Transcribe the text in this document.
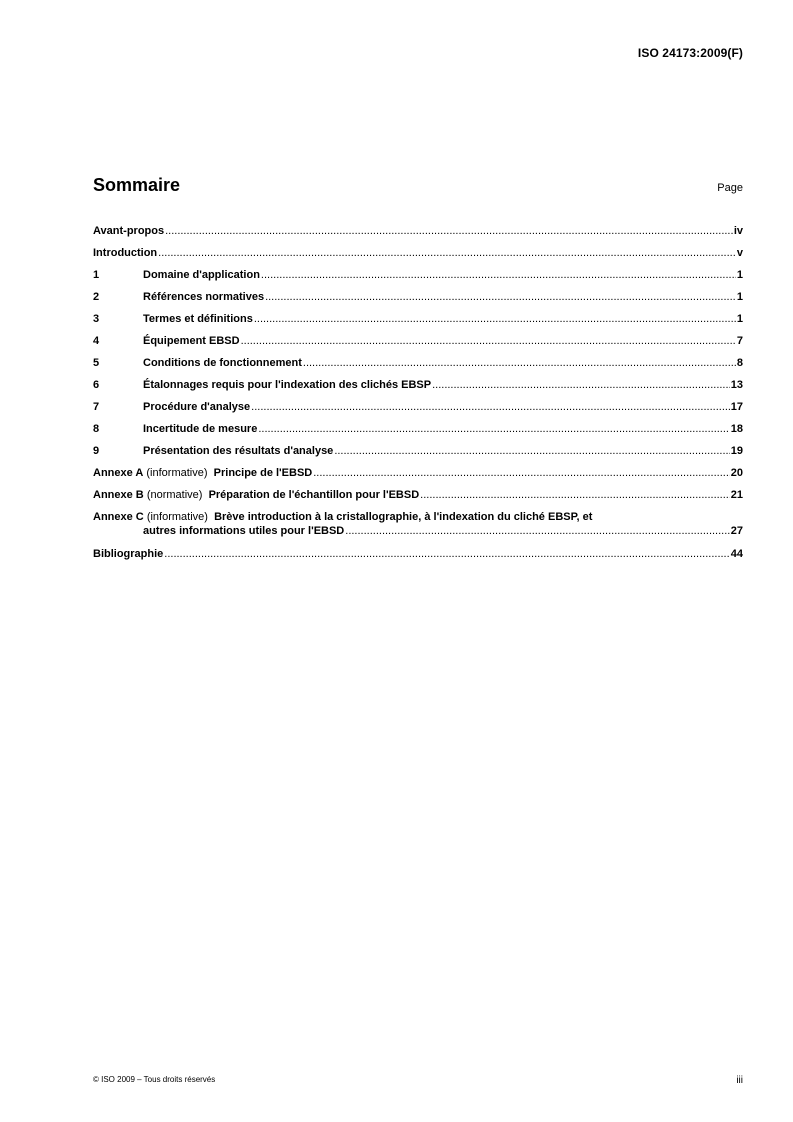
ISO 24173:2009(F)
Sommaire	Page
Avant-propos .....	iv
Introduction .....	v
1	Domaine d'application .....	1
2	Références normatives .....	1
3	Termes et définitions .....	1
4	Équipement EBSD .....	7
5	Conditions de fonctionnement .....	8
6	Étalonnages requis pour l'indexation des clichés EBSP .....	13
7	Procédure d'analyse .....	17
8	Incertitude de mesure .....	18
9	Présentation des résultats d'analyse .....	19
Annexe A (informative) Principe de l'EBSD .....	20
Annexe B (normative) Préparation de l'échantillon pour l'EBSD .....	21
Annexe C (informative) Brève introduction à la cristallographie, à l'indexation du cliché EBSP, et
autres informations utiles pour l'EBSD .....	27
Bibliographie .....	44
© ISO 2009 – Tous droits réservés	iii
